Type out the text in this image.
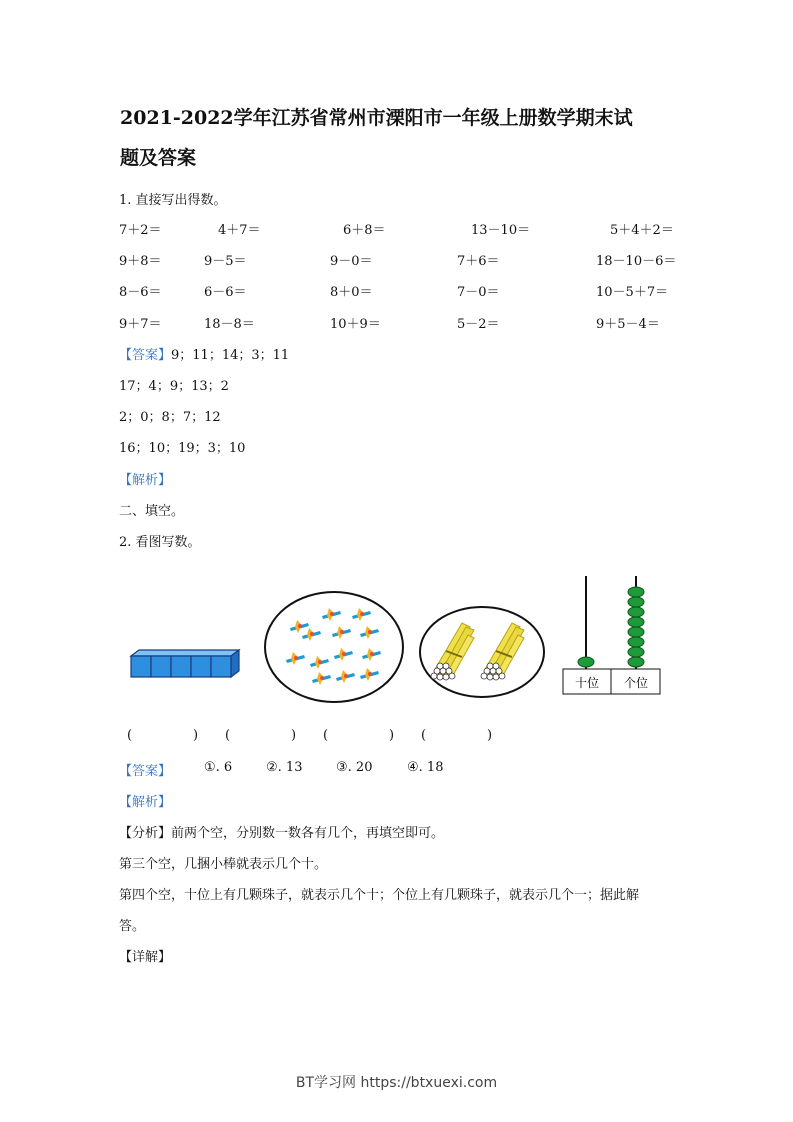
2021-2022学年江苏省常州市溧阳市一年级上册数学期末试
题及答案
1. 直接写出得数。
7＋2＝	4＋7＝	6＋8＝	13－10＝	5＋4＋2＝
9＋8＝	9－5＝	9－0＝	7＋6＝	18－10－6＝
8－6＝	6－6＝	8＋0＝	7－0＝	10－5＋7＝
9＋7＝	18－8＝	10＋9＝	5－2＝	9＋5－4＝
【答案】9；11；14；3；11
17；4；9；13；2
2；0；8；7；12
16；10；19；3；10
【解析】
二、填空。
2. 看图写数。
十位 个位
(	) (	) (	) (	)
【答案】	①. 6	②. 13	③. 20	④. 18
【解析】
【分析】前两个空，分别数一数各有几个，再填空即可。
第三个空，几捆小棒就表示几个十。
第四个空，十位上有几颗珠子，就表示几个十；个位上有几颗珠子，就表示几个一；据此解
答。
【详解】
BT学习网 https://btxuexi.com
